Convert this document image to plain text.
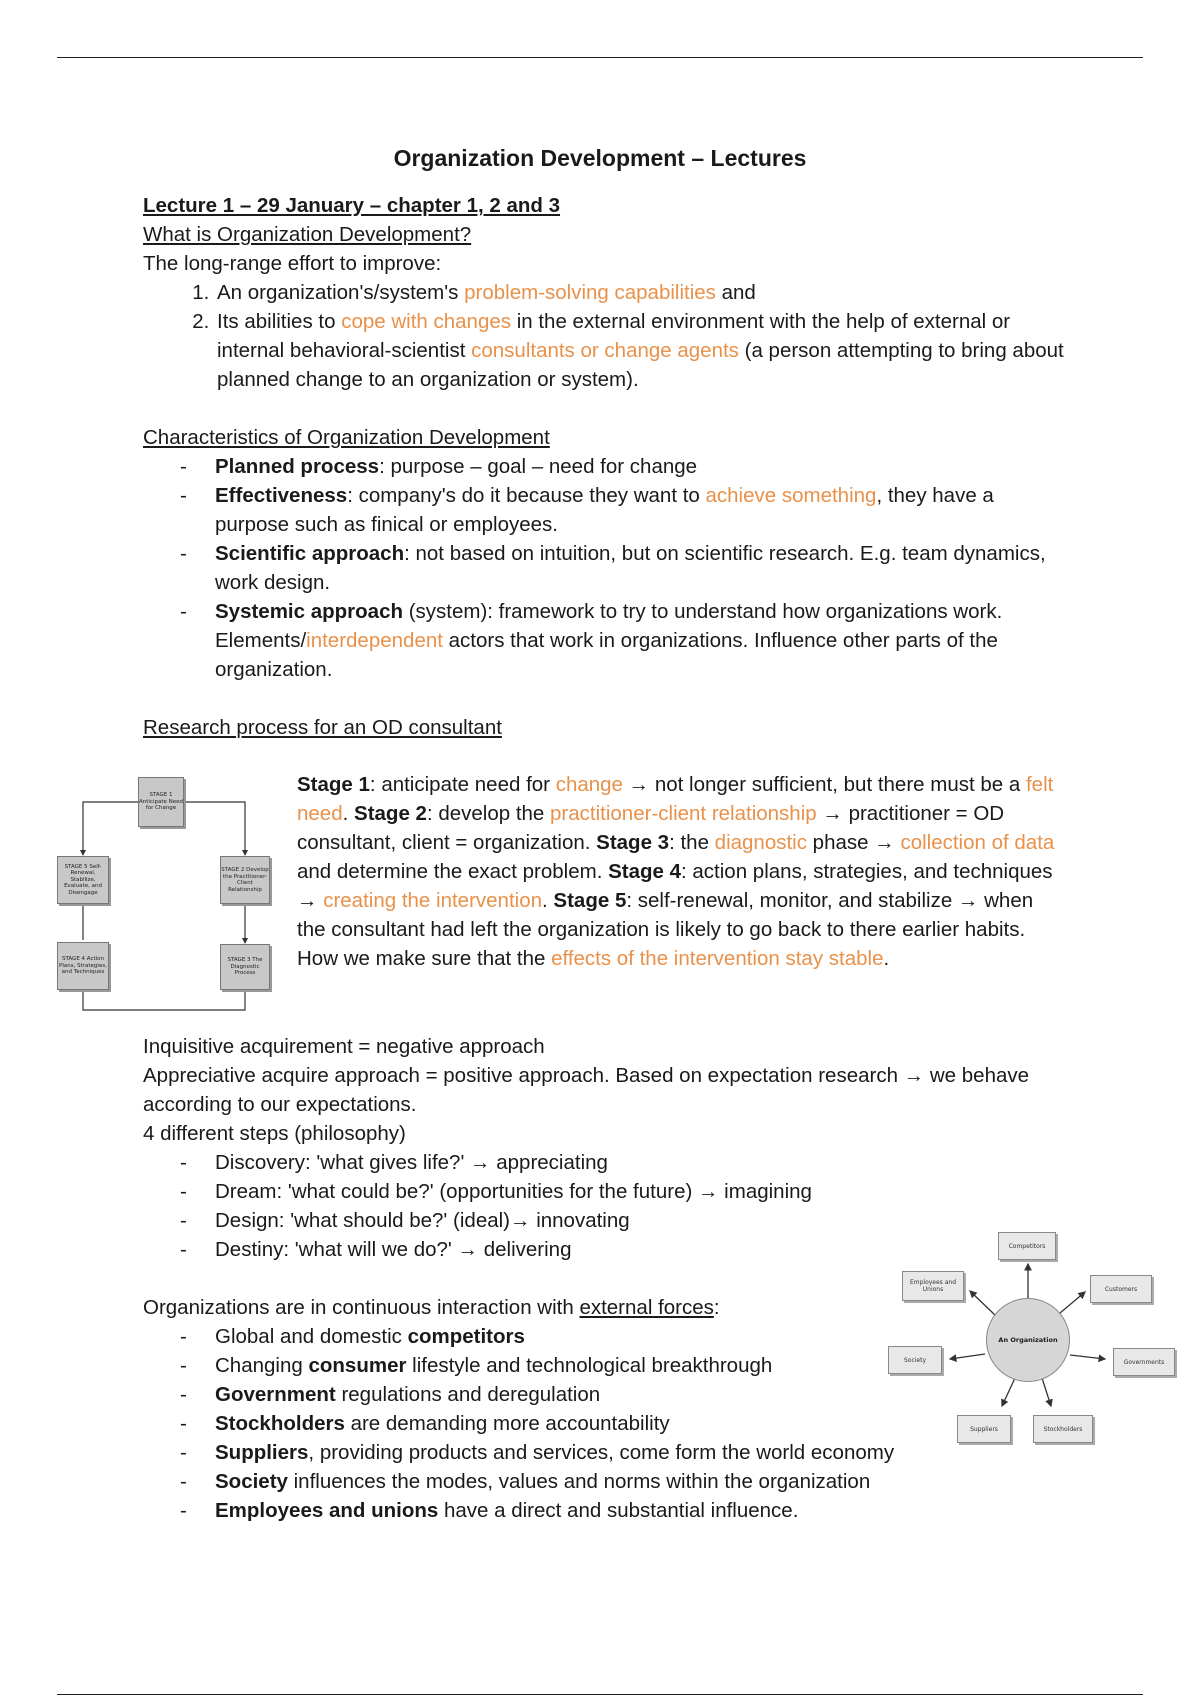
Organization Development – Lectures

Lecture 1 – 29 January – chapter 1, 2 and 3

What is Organization Development?

The long-range effort to improve:

1. An organization's/system's problem-solving capabilities and
2. Its abilities to cope with changes in the external environment with the help of external or internal behavioral-scientist consultants or change agents (a person attempting to bring about planned change to an organization or system).

Characteristics of Organization Development

- Planned process: purpose – goal – need for change
- Effectiveness: company's do it because they want to achieve something, they have a purpose such as finical or employees.
- Scientific approach: not based on intuition, but on scientific research. E.g. team dynamics, work design.
- Systemic approach (system): framework to try to understand how organizations work. Elements/interdependent actors that work in organizations. Influence other parts of the organization.

Research process for an OD consultant

Inquisitive acquirement = negative approach

Appreciative acquire approach = positive approach. Based on expectation research → we behave according to our expectations.

4 different steps (philosophy)

- Discovery: 'what gives life?' → appreciating
- Dream: 'what could be?' (opportunities for the future) → imagining
- Design: 'what should be?' (ideal)→ innovating
- Destiny: 'what will we do?' → delivering

Organizations are in continuous interaction with external forces:

- Global and domestic competitors
- Changing consumer lifestyle and technological breakthrough
- Government regulations and deregulation
- Stockholders are demanding more accountability
- Suppliers, providing products and services, come form the world economy
- Society influences the modes, values and norms within the organization
- Employees and unions have a direct and substantial influence.
Stage 1: anticipate need for change → not longer sufficient, but there must be a felt need. Stage 2: develop the practitioner-client relationship → practitioner = OD consultant, client = organization. Stage 3: the diagnostic phase → collection of data and determine the exact problem. Stage 4: action plans, strategies, and techniques → creating the intervention. Stage 5: self-renewal, monitor, and stabilize → when the consultant had left the organization is likely to go back to there earlier habits. How we make sure that the effects of the intervention stay stable.
STAGE 1 Anticipate Need for Change
STAGE 2 Develop the Practitioner-Client Relationship
STAGE 3 The Diagnostic Process
STAGE 4 Action Plans, Strategies, and Techniques
STAGE 5 Self-Renewal, Stabilize, Evaluate, and Disengage
An Organization
Competitors
Customers
Governments
Stockholders
Suppliers
Society
Employees and Unions
